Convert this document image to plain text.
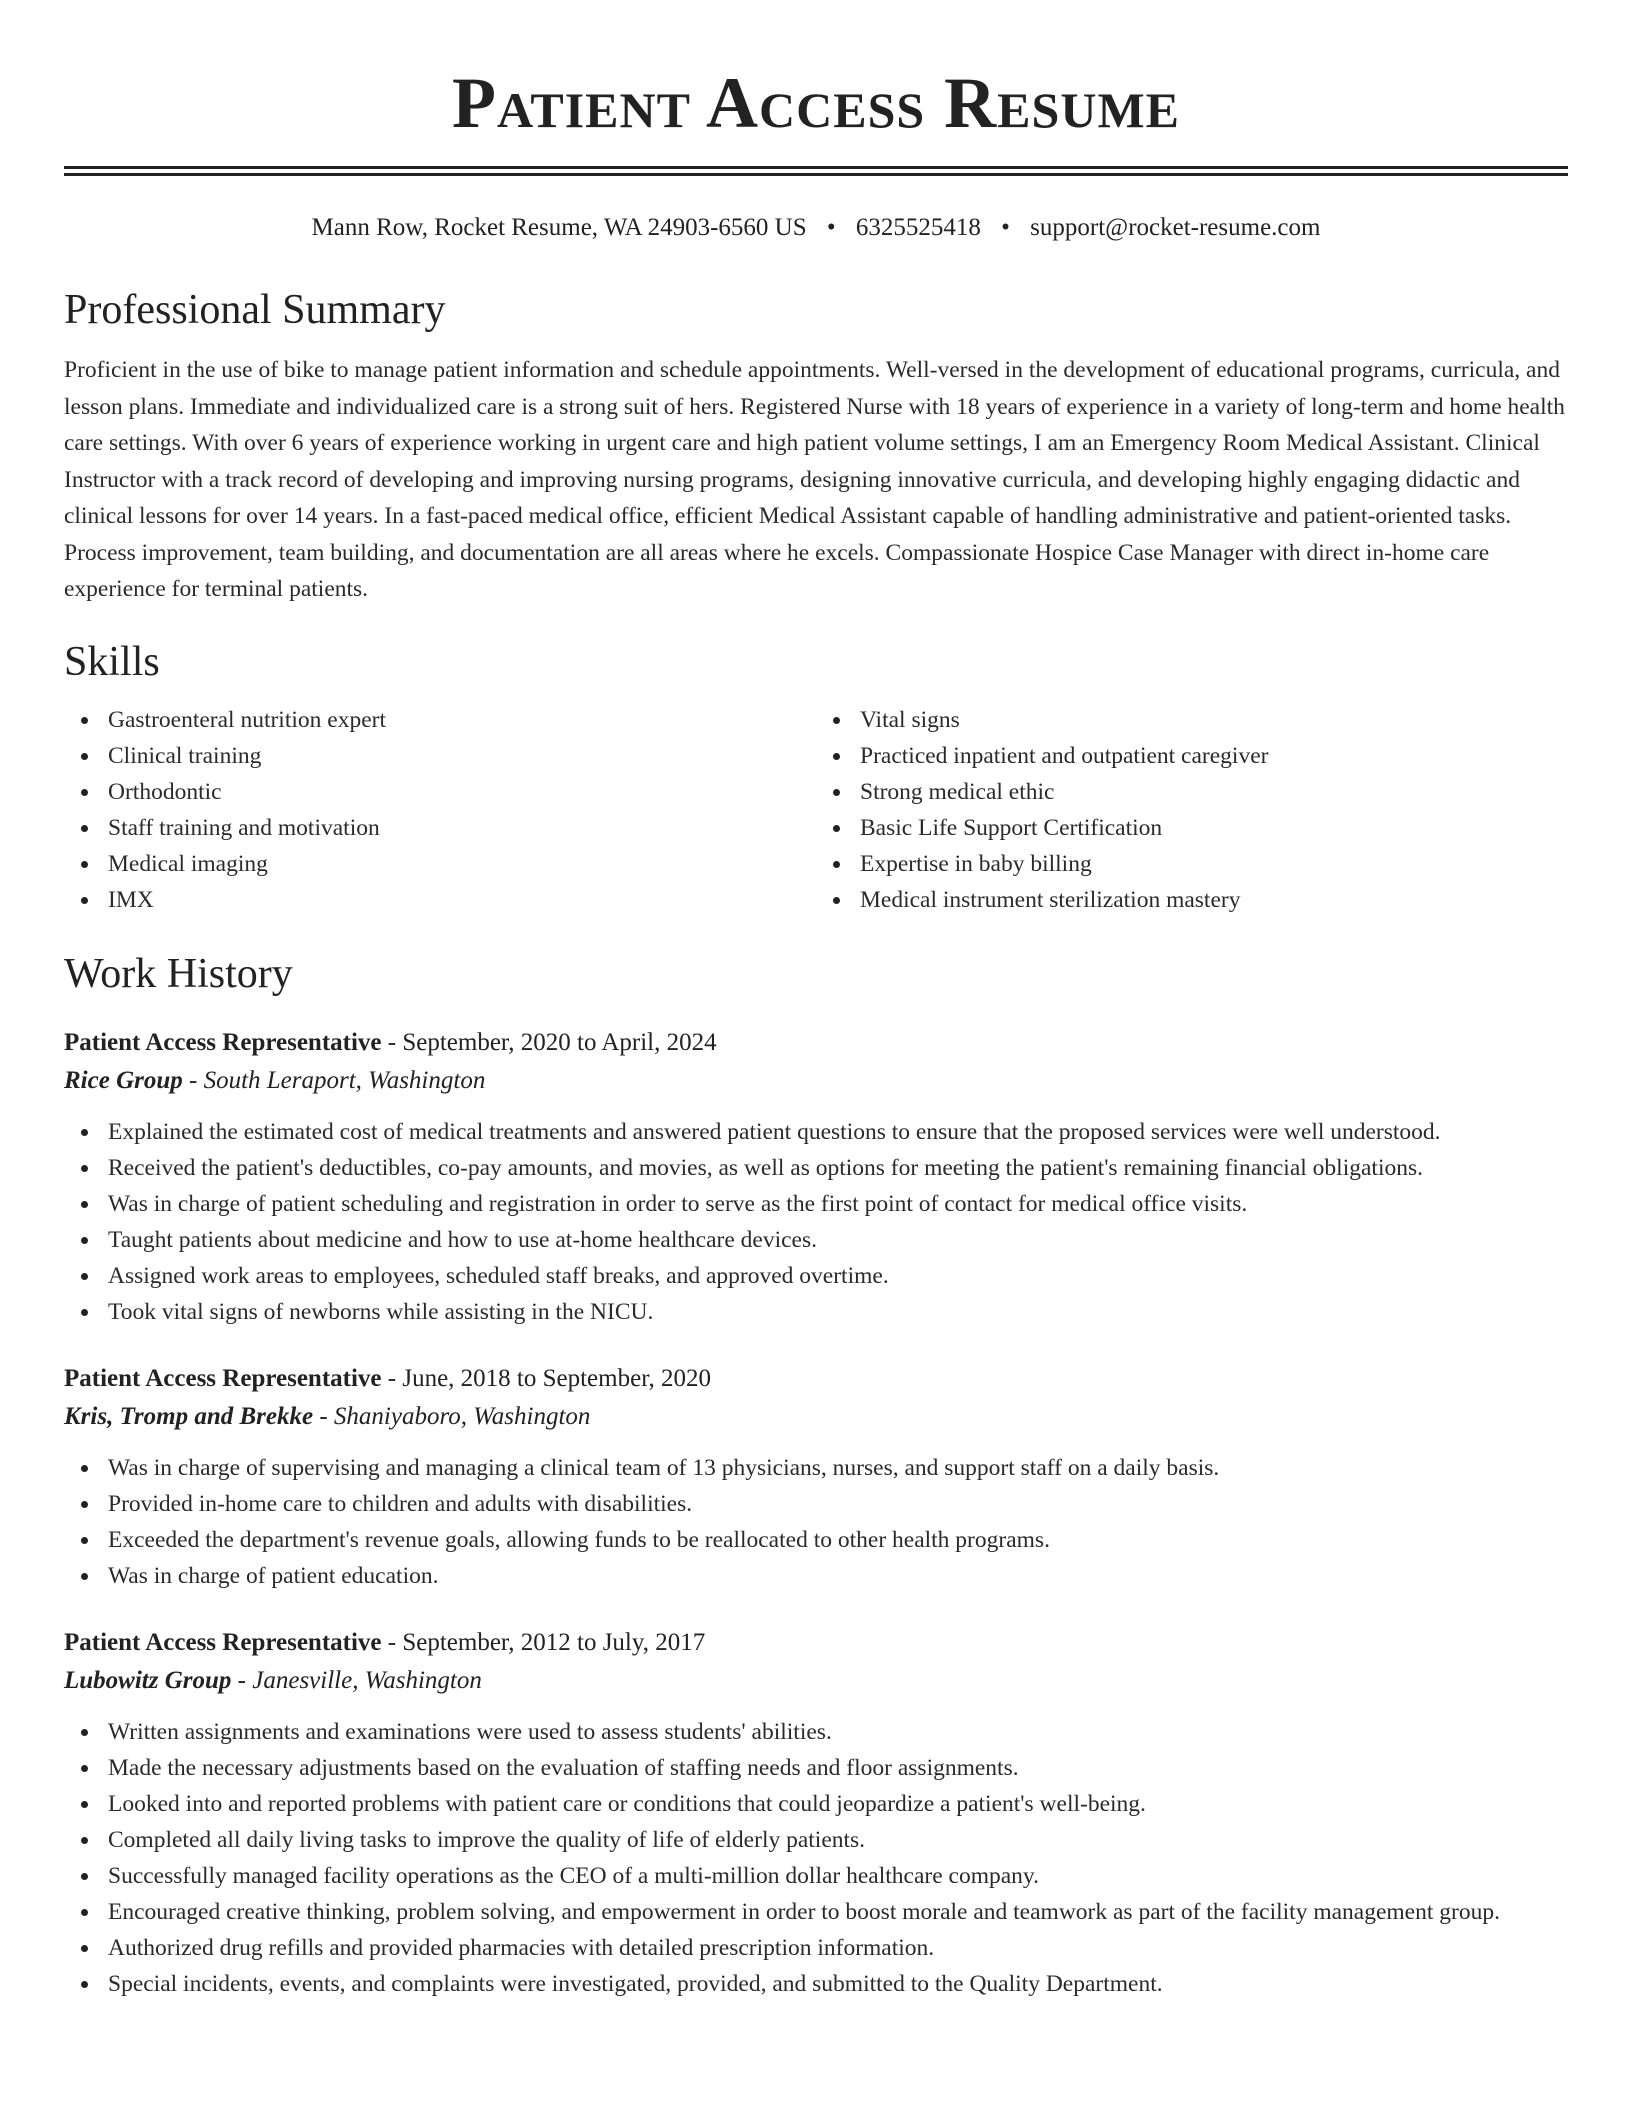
Patient Access Resume
Mann Row, Rocket Resume, WA 24903-6560 US • 6325525418 • support@rocket-resume.com
Professional Summary

Proficient in the use of bike to manage patient information and schedule appointments. Well-versed in the development of educational programs, curricula, and lesson plans. Immediate and individualized care is a strong suit of hers. Registered Nurse with 18 years of experience in a variety of long-term and home health care settings. With over 6 years of experience working in urgent care and high patient volume settings, I am an Emergency Room Medical Assistant. Clinical Instructor with a track record of developing and improving nursing programs, designing innovative curricula, and developing highly engaging didactic and clinical lessons for over 14 years. In a fast-paced medical office, efficient Medical Assistant capable of handling administrative and patient-oriented tasks. Process improvement, team building, and documentation are all areas where he excels. Compassionate Hospice Case Manager with direct in-home care experience for terminal patients.

Skills
Gastroenteral nutrition expert
Clinical training
Orthodontic
Staff training and motivation
Medical imaging
IMX
Vital signs
Practiced inpatient and outpatient caregiver
Strong medical ethic
Basic Life Support Certification
Expertise in baby billing
Medical instrument sterilization mastery
Work History
Patient Access Representative - September, 2020 to April, 2024
Rice Group - South Leraport, Washington
Explained the estimated cost of medical treatments and answered patient questions to ensure that the proposed services were well understood.
Received the patient's deductibles, co-pay amounts, and movies, as well as options for meeting the patient's remaining financial obligations.
Was in charge of patient scheduling and registration in order to serve as the first point of contact for medical office visits.
Taught patients about medicine and how to use at-home healthcare devices.
Assigned work areas to employees, scheduled staff breaks, and approved overtime.
Took vital signs of newborns while assisting in the NICU.
Patient Access Representative - June, 2018 to September, 2020
Kris, Tromp and Brekke - Shaniyaboro, Washington
Was in charge of supervising and managing a clinical team of 13 physicians, nurses, and support staff on a daily basis.
Provided in-home care to children and adults with disabilities.
Exceeded the department's revenue goals, allowing funds to be reallocated to other health programs.
Was in charge of patient education.
Patient Access Representative - September, 2012 to July, 2017
Lubowitz Group - Janesville, Washington
Written assignments and examinations were used to assess students' abilities.
Made the necessary adjustments based on the evaluation of staffing needs and floor assignments.
Looked into and reported problems with patient care or conditions that could jeopardize a patient's well-being.
Completed all daily living tasks to improve the quality of life of elderly patients.
Successfully managed facility operations as the CEO of a multi-million dollar healthcare company.
Encouraged creative thinking, problem solving, and empowerment in order to boost morale and teamwork as part of the facility management group.
Authorized drug refills and provided pharmacies with detailed prescription information.
Special incidents, events, and complaints were investigated, provided, and submitted to the Quality Department.
